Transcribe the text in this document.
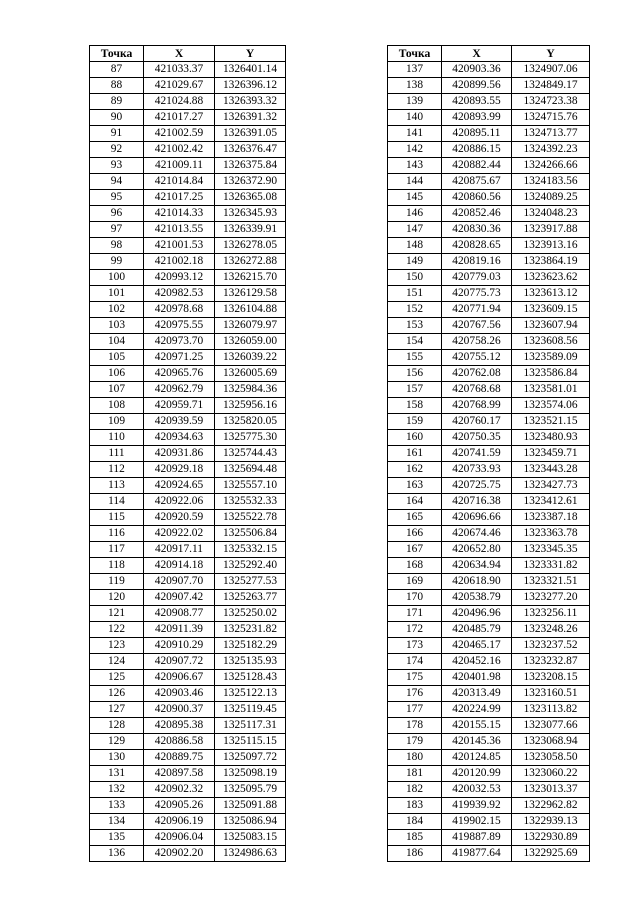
Точка	X	Y
87	421033.37	1326401.14
88	421029.67	1326396.12
89	421024.88	1326393.32
90	421017.27	1326391.32
91	421002.59	1326391.05
92	421002.42	1326376.47
93	421009.11	1326375.84
94	421014.84	1326372.90
95	421017.25	1326365.08
96	421014.33	1326345.93
97	421013.55	1326339.91
98	421001.53	1326278.05
99	421002.18	1326272.88
100	420993.12	1326215.70
101	420982.53	1326129.58
102	420978.68	1326104.88
103	420975.55	1326079.97
104	420973.70	1326059.00
105	420971.25	1326039.22
106	420965.76	1326005.69
107	420962.79	1325984.36
108	420959.71	1325956.16
109	420939.59	1325820.05
110	420934.63	1325775.30
111	420931.86	1325744.43
112	420929.18	1325694.48
113	420924.65	1325557.10
114	420922.06	1325532.33
115	420920.59	1325522.78
116	420922.02	1325506.84
117	420917.11	1325332.15
118	420914.18	1325292.40
119	420907.70	1325277.53
120	420907.42	1325263.77
121	420908.77	1325250.02
122	420911.39	1325231.82
123	420910.29	1325182.29
124	420907.72	1325135.93
125	420906.67	1325128.43
126	420903.46	1325122.13
127	420900.37	1325119.45
128	420895.38	1325117.31
129	420886.58	1325115.15
130	420889.75	1325097.72
131	420897.58	1325098.19
132	420902.32	1325095.79
133	420905.26	1325091.88
134	420906.19	1325086.94
135	420906.04	1325083.15
136	420902.20	1324986.63
Точка	X	Y
137	420903.36	1324907.06
138	420899.56	1324849.17
139	420893.55	1324723.38
140	420893.99	1324715.76
141	420895.11	1324713.77
142	420886.15	1324392.23
143	420882.44	1324266.66
144	420875.67	1324183.56
145	420860.56	1324089.25
146	420852.46	1324048.23
147	420830.36	1323917.88
148	420828.65	1323913.16
149	420819.16	1323864.19
150	420779.03	1323623.62
151	420775.73	1323613.12
152	420771.94	1323609.15
153	420767.56	1323607.94
154	420758.26	1323608.56
155	420755.12	1323589.09
156	420762.08	1323586.84
157	420768.68	1323581.01
158	420768.99	1323574.06
159	420760.17	1323521.15
160	420750.35	1323480.93
161	420741.59	1323459.71
162	420733.93	1323443.28
163	420725.75	1323427.73
164	420716.38	1323412.61
165	420696.66	1323387.18
166	420674.46	1323363.78
167	420652.80	1323345.35
168	420634.94	1323331.82
169	420618.90	1323321.51
170	420538.79	1323277.20
171	420496.96	1323256.11
172	420485.79	1323248.26
173	420465.17	1323237.52
174	420452.16	1323232.87
175	420401.98	1323208.15
176	420313.49	1323160.51
177	420224.99	1323113.82
178	420155.15	1323077.66
179	420145.36	1323068.94
180	420124.85	1323058.50
181	420120.99	1323060.22
182	420032.53	1323013.37
183	419939.92	1322962.82
184	419902.15	1322939.13
185	419887.89	1322930.89
186	419877.64	1322925.69
